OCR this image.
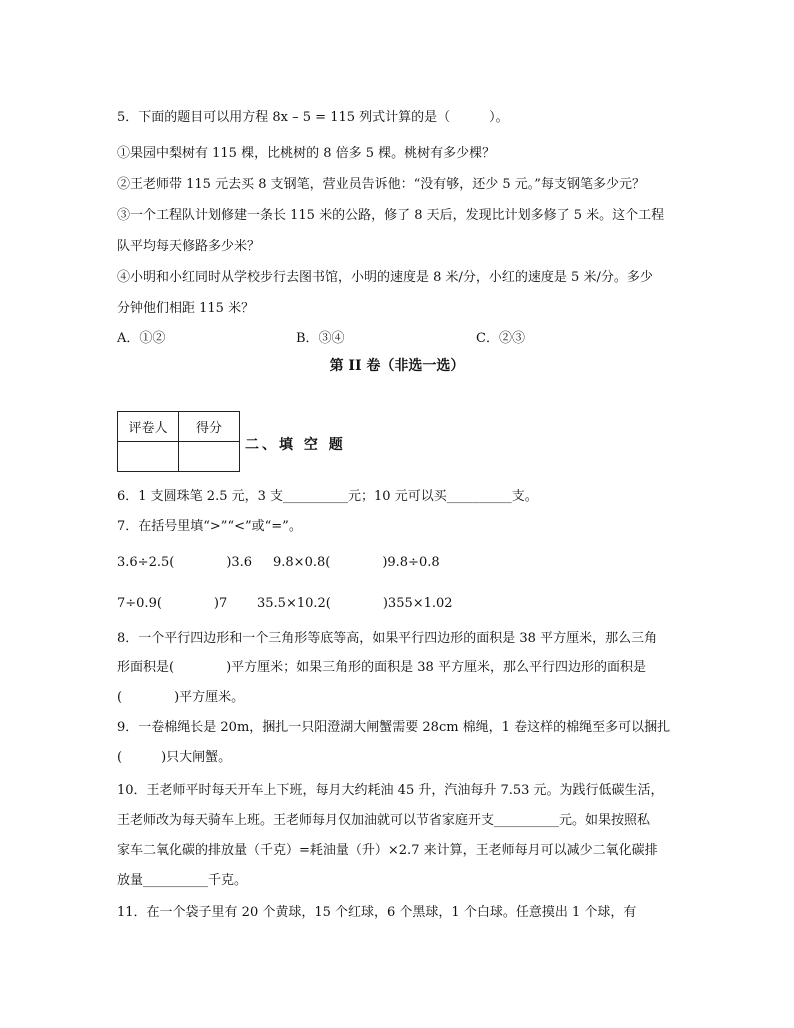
5．下面的题目可以用方程 8x – 5 = 115 列式计算的是（　　　）。
①果园中梨树有 115 棵，比桃树的 8 倍多 5 棵。桃树有多少棵？
②王老师带 115 元去买 8 支钢笔，营业员告诉他：“没有够，还少 5 元。”每支钢笔多少元？
③一个工程队计划修建一条长 115 米的公路，修了 8 天后，发现比计划多修了 5 米。这个工程
队平均每天修路多少米？
④小明和小红同时从学校步行去图书馆，小明的速度是 8 米/分，小红的速度是 5 米/分。多少
分钟他们相距 115 米？
A．①②	B．③④	C．②③
第 II 卷（非选一选）
评卷人	得分

二、填 空 题
6．1 支圆珠笔 2.5 元，3 支__________元；10 元可以买__________支。
7．在括号里填“>”“<”或“=”。
3.6÷2.5(　　　　)3.6 9.8×0.8(　　　　)9.8÷0.8
7÷0.9(　　　　)7 35.5×10.2(　　　　)355×1.02
8．一个平行四边形和一个三角形等底等高，如果平行四边形的面积是 38 平方厘米，那么三角
形面积是(　　　　)平方厘米；如果三角形的面积是 38 平方厘米，那么平行四边形的面积是
(　　　　)平方厘米。
9．一卷棉绳长是 20m，捆扎一只阳澄湖大闸蟹需要 28cm 棉绳，1 卷这样的棉绳至多可以捆扎
(　　　)只大闸蟹。
10．王老师平时每天开车上下班，每月大约耗油 45 升，汽油每升 7.53 元。为践行低碳生活，
王老师改为每天骑车上班。王老师每月仅加油就可以节省家庭开支__________元。如果按照私
家车二氧化碳的排放量（千克）=耗油量（升）×2.7 来计算，王老师每月可以减少二氧化碳排
放量__________千克。
11．在一个袋子里有 20 个黄球，15 个红球，6 个黑球，1 个白球。任意摸出 1 个球，有
